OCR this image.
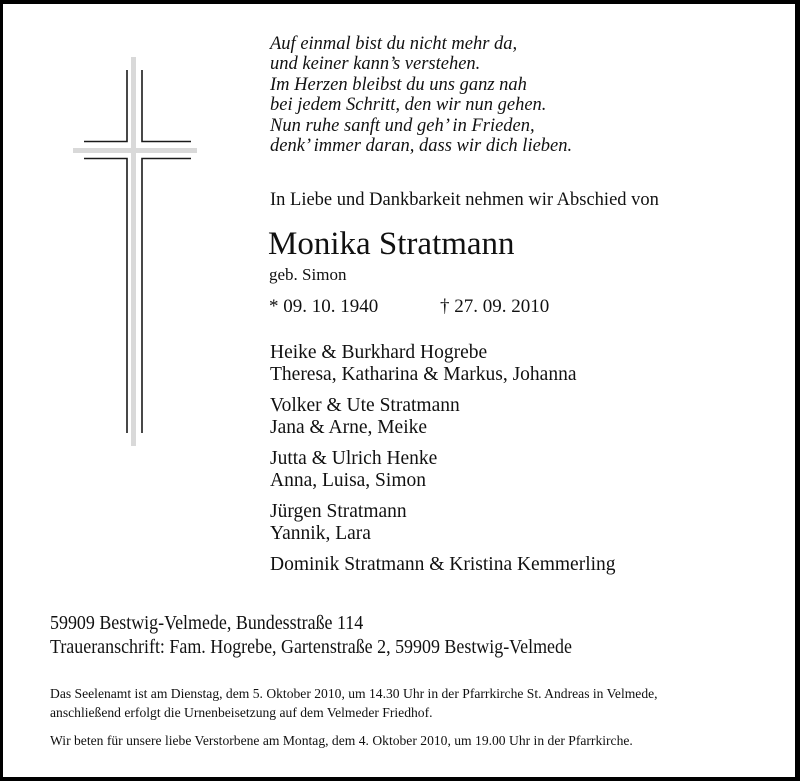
Auf einmal bist du nicht mehr da,
und keiner kann’s verstehen.
Im Herzen bleibst du uns ganz nah
bei jedem Schritt, den wir nun gehen.
Nun ruhe sanft und geh’ in Frieden,
denk’ immer daran, dass wir dich lieben.
In Liebe und Dankbarkeit nehmen wir Abschied von
Monika Stratmann
geb. Simon
* 09. 10. 1940	† 27. 09. 2010
Heike & Burkhard Hogrebe
Theresa, Katharina & Markus, Johanna
Volker & Ute Stratmann
Jana & Arne, Meike
Jutta & Ulrich Henke
Anna, Luisa, Simon
Jürgen Stratmann
Yannik, Lara
Dominik Stratmann & Kristina Kemmerling
59909 Bestwig-Velmede, Bundesstraße 114
Traueranschrift: Fam. Hogrebe, Gartenstraße 2, 59909 Bestwig-Velmede
Das Seelenamt ist am Dienstag, dem 5. Oktober 2010, um 14.30 Uhr in der Pfarrkirche St. Andreas in Velmede,
anschließend erfolgt die Urnenbeisetzung auf dem Velmeder Friedhof.
Wir beten für unsere liebe Verstorbene am Montag, dem 4. Oktober 2010, um 19.00 Uhr in der Pfarrkirche.
